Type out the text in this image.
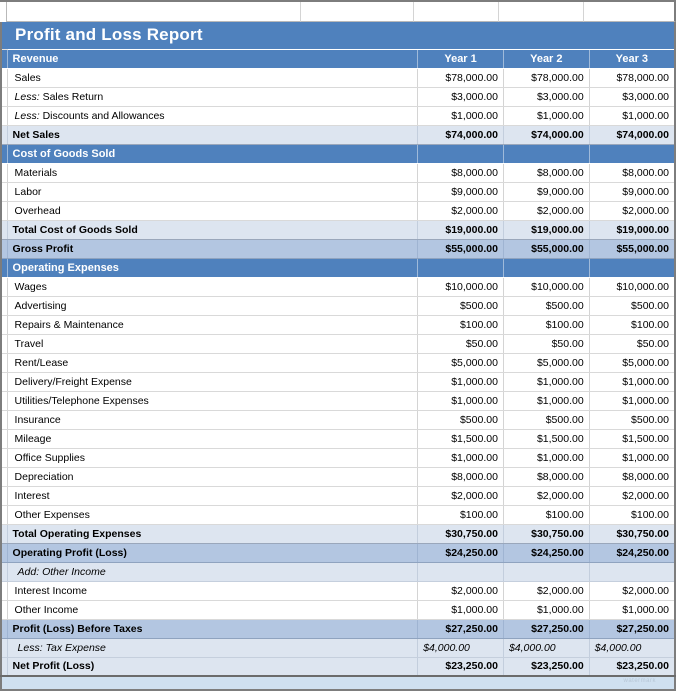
	Profit and Loss Report			
	Revenue	Year 1	Year 2	Year 3
	Sales	$78,000.00	$78,000.00	$78,000.00
	Less: Sales Return	$3,000.00	$3,000.00	$3,000.00
	Less: Discounts and Allowances	$1,000.00	$1,000.00	$1,000.00
	Net Sales	$74,000.00	$74,000.00	$74,000.00
	Cost of Goods Sold			
	Materials	$8,000.00	$8,000.00	$8,000.00
	Labor	$9,000.00	$9,000.00	$9,000.00
	Overhead	$2,000.00	$2,000.00	$2,000.00
	Total Cost of Goods Sold	$19,000.00	$19,000.00	$19,000.00
	Gross Profit	$55,000.00	$55,000.00	$55,000.00
	Operating Expenses			
	Wages	$10,000.00	$10,000.00	$10,000.00
	Advertising	$500.00	$500.00	$500.00
	Repairs & Maintenance	$100.00	$100.00	$100.00
	Travel	$50.00	$50.00	$50.00
	Rent/Lease	$5,000.00	$5,000.00	$5,000.00
	Delivery/Freight Expense	$1,000.00	$1,000.00	$1,000.00
	Utilities/Telephone Expenses	$1,000.00	$1,000.00	$1,000.00
	Insurance	$500.00	$500.00	$500.00
	Mileage	$1,500.00	$1,500.00	$1,500.00
	Office Supplies	$1,000.00	$1,000.00	$1,000.00
	Depreciation	$8,000.00	$8,000.00	$8,000.00
	Interest	$2,000.00	$2,000.00	$2,000.00
	Other Expenses	$100.00	$100.00	$100.00
	Total Operating Expenses	$30,750.00	$30,750.00	$30,750.00
	Operating Profit (Loss)	$24,250.00	$24,250.00	$24,250.00
	Add: Other Income			
	Interest Income	$2,000.00	$2,000.00	$2,000.00
	Other Income	$1,000.00	$1,000.00	$1,000.00
	Profit (Loss) Before Taxes	$27,250.00	$27,250.00	$27,250.00
	Less: Tax Expense	$4,000.00	$4,000.00	$4,000.00
	Net Profit (Loss)	$23,250.00	$23,250.00	$23,250.00
watermark
